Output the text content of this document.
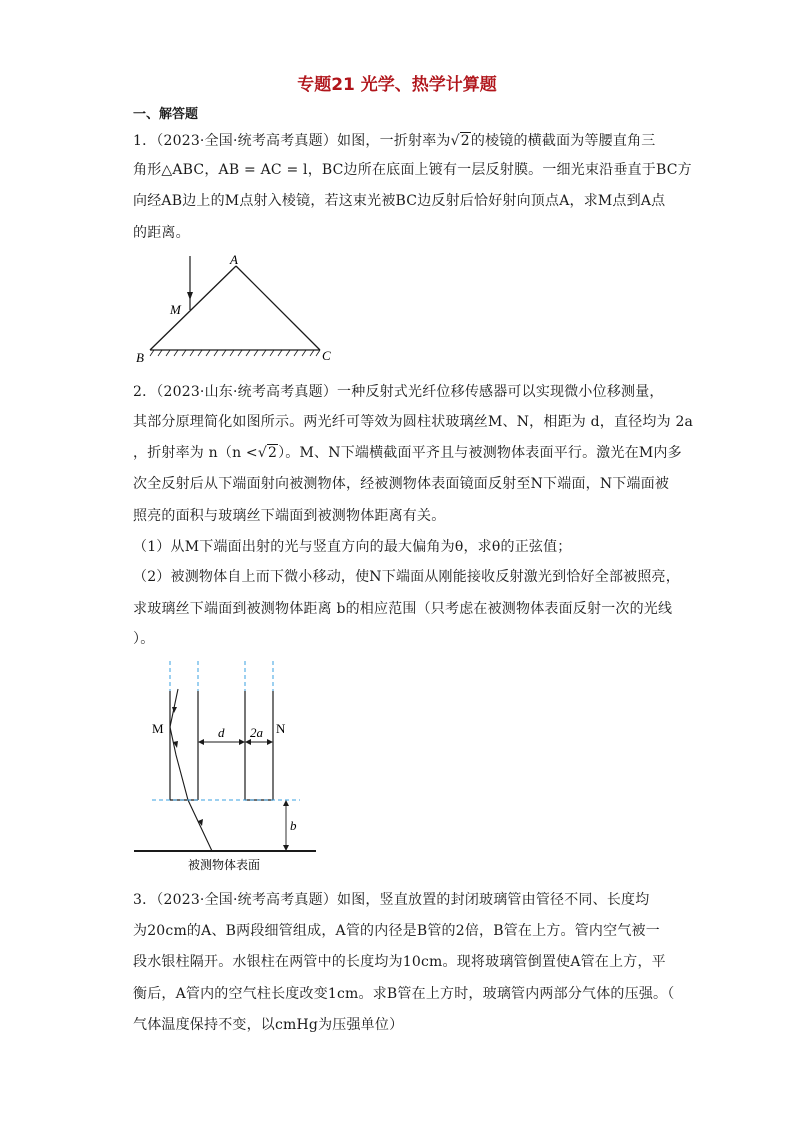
专题21 光学、热学计算题
一、解答题
1．（2023·全国·统考高考真题）如图，一折射率为√2的棱镜的横截面为等腰直角三
角形△ABC，AB = AC = l，BC边所在底面上镀有一层反射膜。一细光束沿垂直于BC方
向经AB边上的M点射入棱镜，若这束光被BC边反射后恰好射向顶点A，求M点到A点
的距离。
A
M
B	C
2．（2023·山东·统考高考真题）一种反射式光纤位移传感器可以实现微小位移测量，
其部分原理简化如图所示。两光纤可等效为圆柱状玻璃丝M、N，相距为 d，直径均为 2a
，折射率为 n（n <√2）。M、N下端横截面平齐且与被测物体表面平行。激光在M内多
次全反射后从下端面射向被测物体，经被测物体表面镜面反射至N下端面，N下端面被
照亮的面积与玻璃丝下端面到被测物体距离有关。
（1）从M下端面出射的光与竖直方向的最大偏角为θ，求θ的正弦值；
（2）被测物体自上而下微小移动，使N下端面从刚能接收反射激光到恰好全部被照亮，
求玻璃丝下端面到被测物体距离 b的相应范围（只考虑在被测物体表面反射一次的光线
）。
M	N
d 2a
b
被测物体表面
3．（2023·全国·统考高考真题）如图，竖直放置的封闭玻璃管由管径不同、长度均
为20cm的A、B两段细管组成，A管的内径是B管的2倍，B管在上方。管内空气被一
段水银柱隔开。水银柱在两管中的长度均为10cm。现将玻璃管倒置使A管在上方，平
衡后，A管内的空气柱长度改变1cm。求B管在上方时，玻璃管内两部分气体的压强。（
气体温度保持不变，以cmHg为压强单位）
